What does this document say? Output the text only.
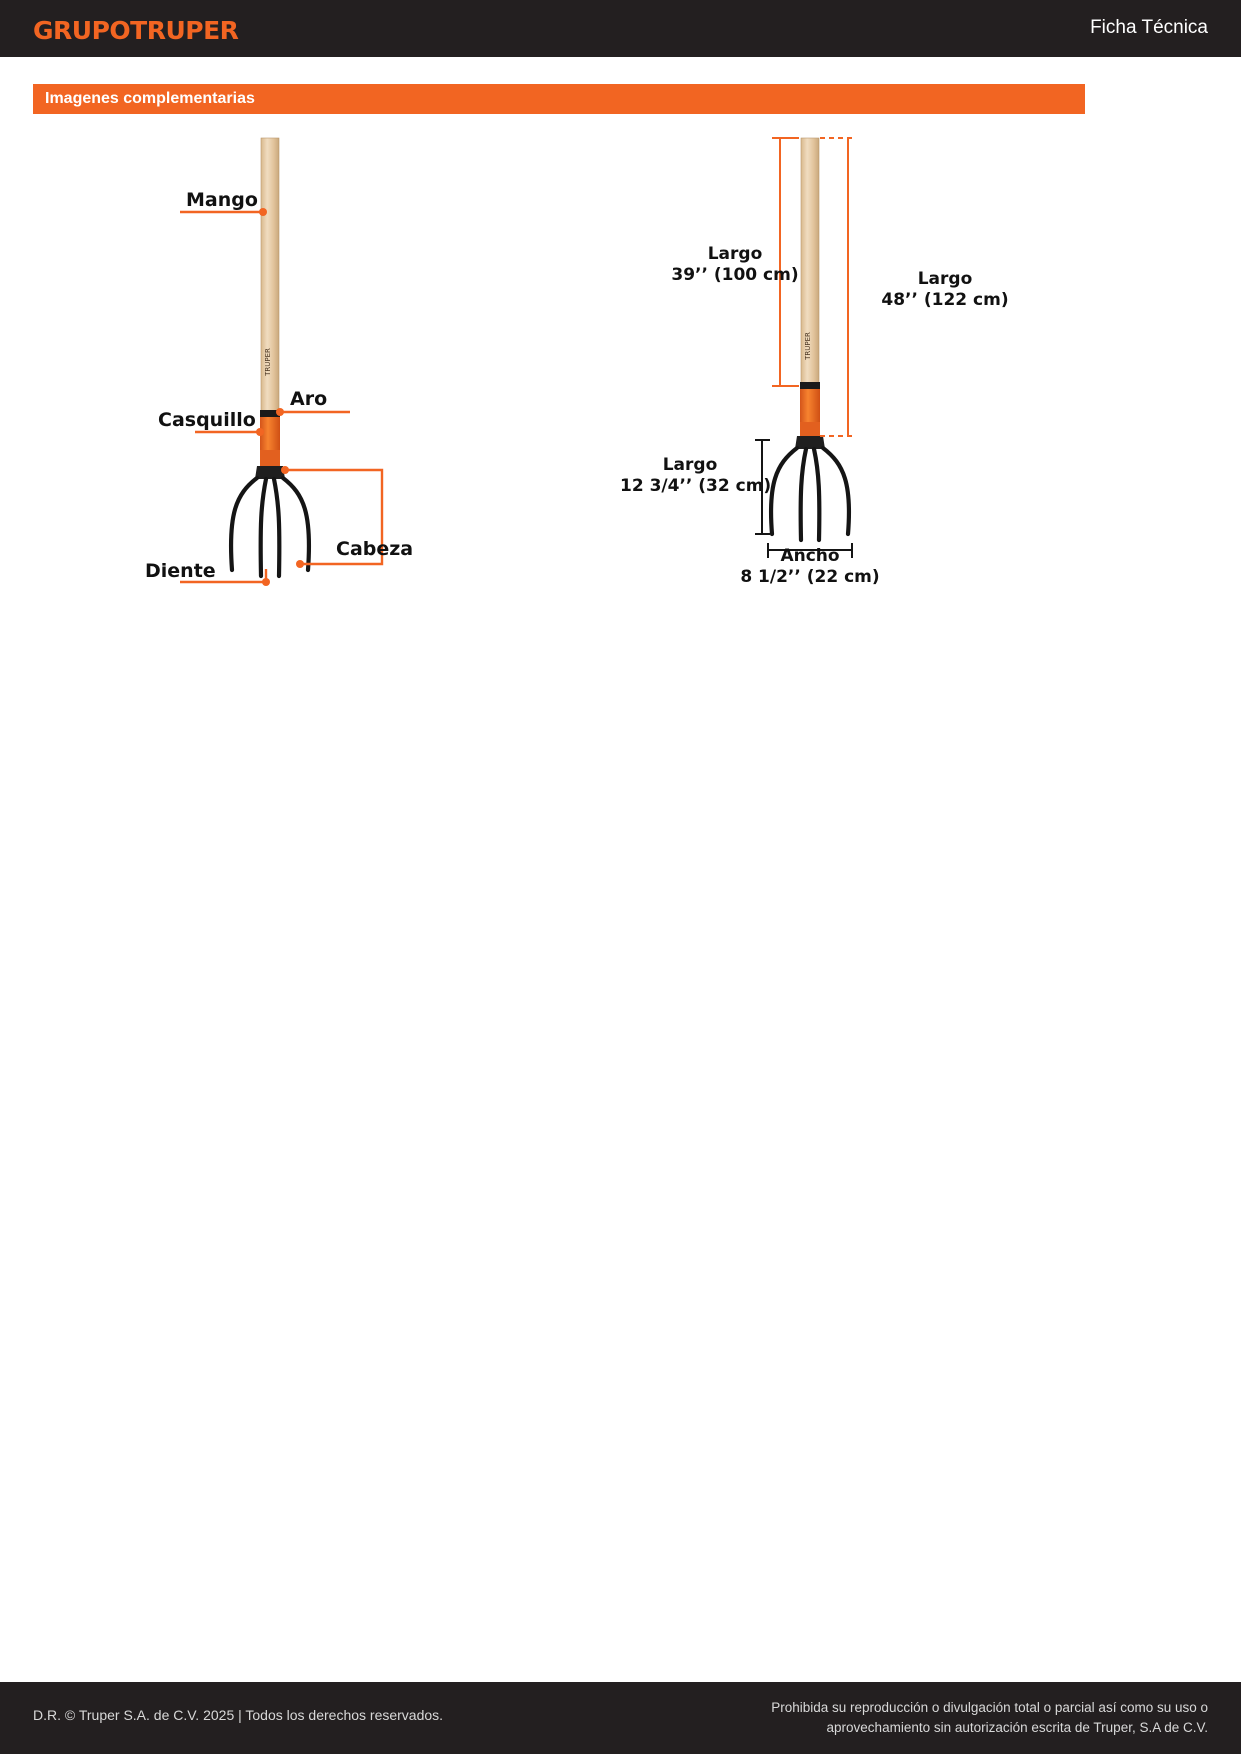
GRUPOTRUPER	Ficha Técnica
Imagenes complementarias
TRUPER
Mango
Aro
Casquillo
Cabeza
Diente
TRUPER
Largo
39’’ (100 cm)	Largo
48’’ (122 cm)
Largo
12 3/4’’ (32 cm)
Ancho
8 1/2’’ (22 cm)
D.R. © Truper S.A. de C.V. 2025 | Todos los derechos reservados.	Prohibida su reproducción o divulgación total o parcial así como su uso o
aprovechamiento sin autorización escrita de Truper, S.A de C.V.
